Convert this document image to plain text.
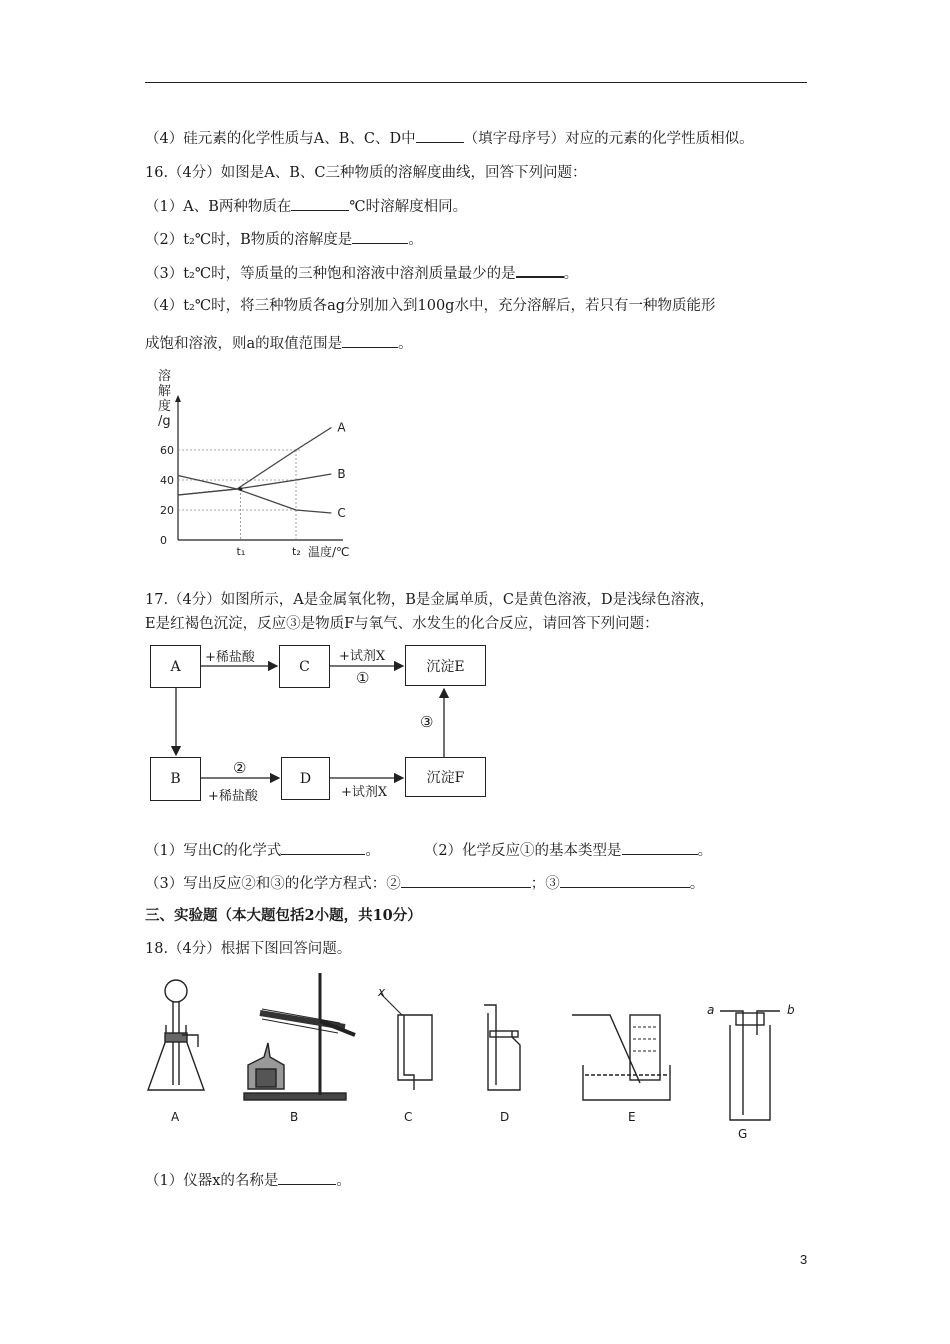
（4）硅元素的化学性质与A、B、C、D中	（填字母序号）对应的元素的化学性质相似。
16.（4分）如图是A、B、C三种物质的溶解度曲线，回答下列问题：
（1）A、B两种物质在	℃时溶解度相同。
（2）t₂℃时，B物质的溶解度是	。
（3）t₂℃时，等质量的三种饱和溶液中溶剂质量最少的是	。
（4）t₂℃时，将三种物质各ag分别加入到100g水中，充分溶解后，若只有一种物质能形
成饱和溶液，则a的取值范围是	。
0
20
40
60
t₁	t₂ 温度/℃
溶
解
度
/g	A
B
C
17.（4分）如图所示，A是金属氧化物，B是金属单质，C是黄色溶液，D是浅绿色溶液，
E是红褐色沉淀，反应③是物质F与氧气、水发生的化合反应，请回答下列问题：
A	C	沉淀E
B	D	沉淀F
+稀盐酸	+试剂X
①
②
+稀盐酸	+试剂X
③
（1）写出C的化学式	。	（2）化学反应①的基本类型是	。
（3）写出反应②和③的化学方程式：②	；③	。
三、实验题（本大题包括2小题，共10分）
18.（4分）根据下图回答问题。
A	B	C	D	E
G
x
a	b
（1）仪器x的名称是	。
3
